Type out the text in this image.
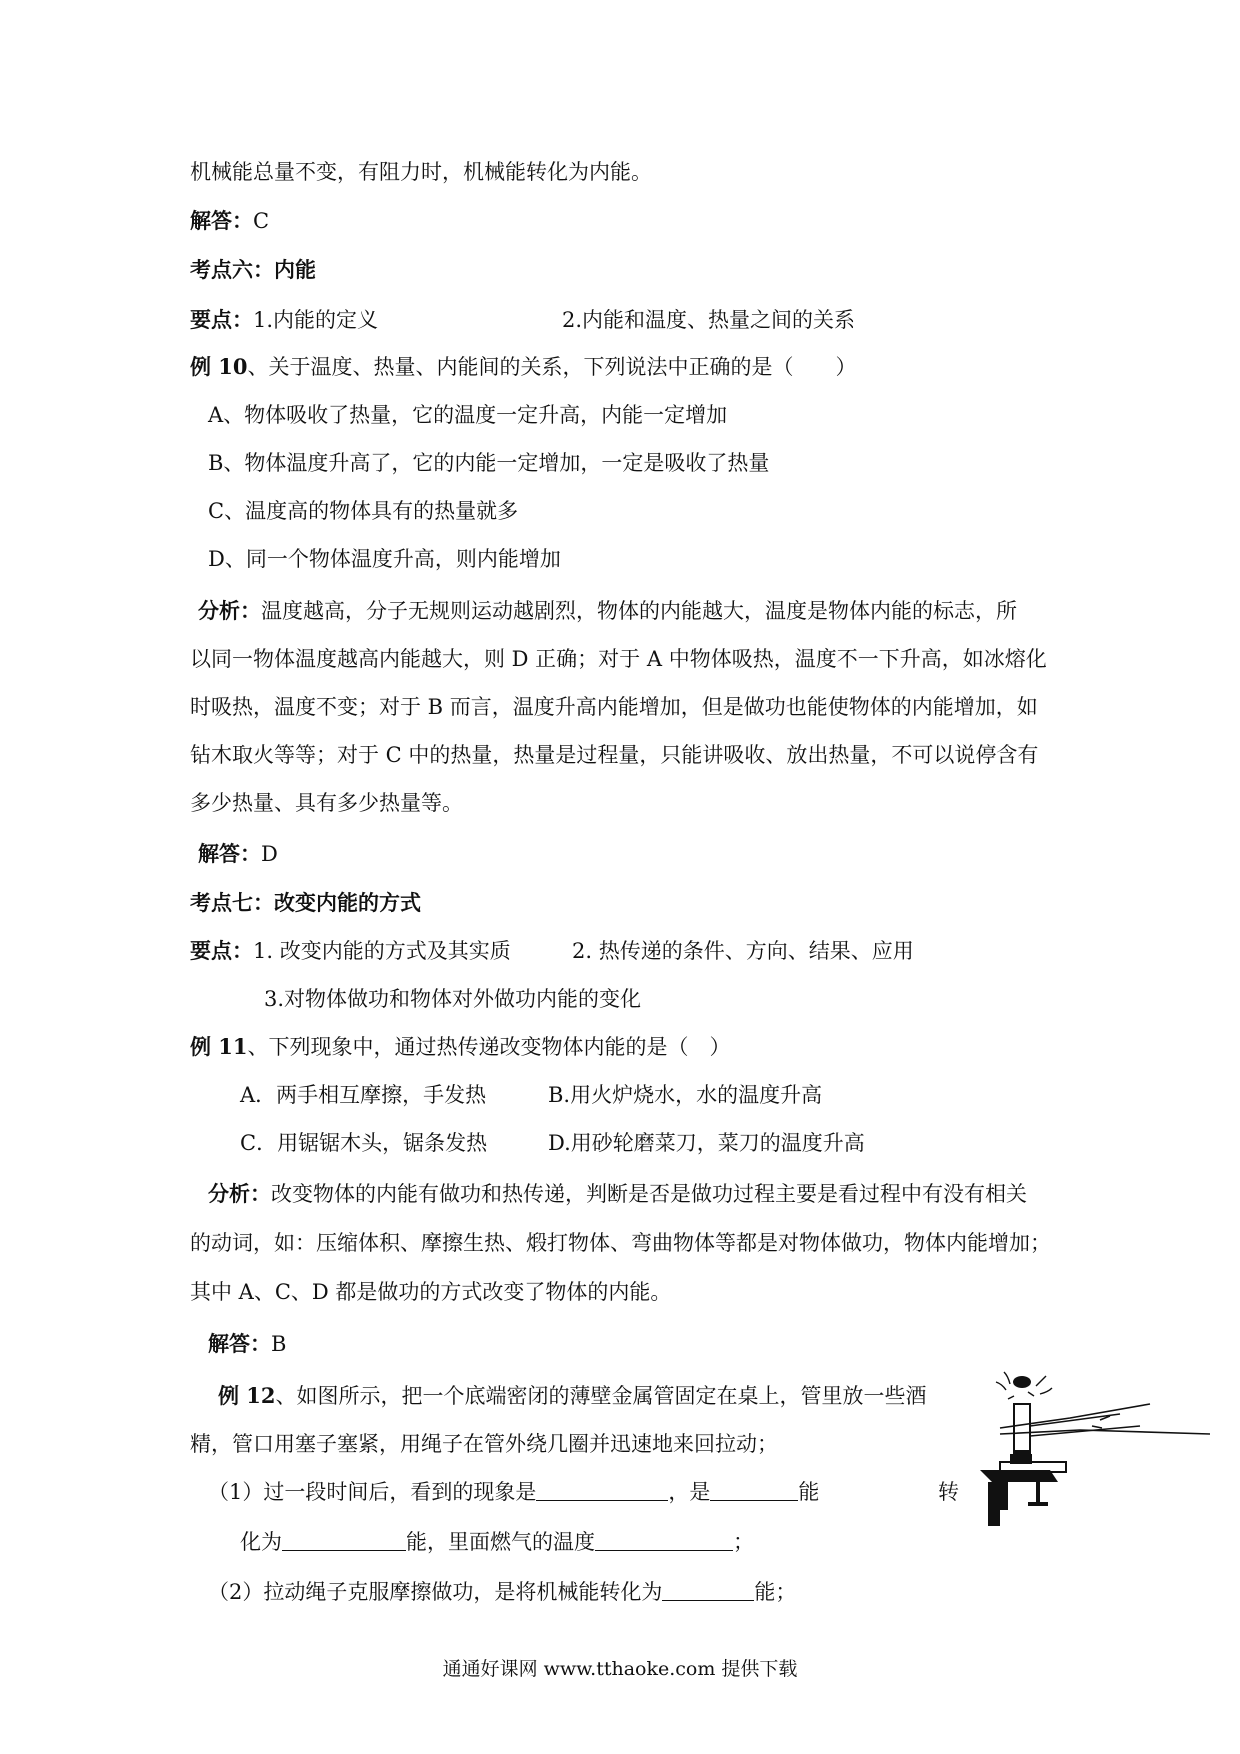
机械能总量不变，有阻力时，机械能转化为内能。
解答：C
考点六：内能
要点：1.内能的定义	2.内能和温度、热量之间的关系
例 10、关于温度、热量、内能间的关系，下列说法中正确的是（　　）
A、物体吸收了热量，它的温度一定升高，内能一定增加
B、物体温度升高了，它的内能一定增加，一定是吸收了热量
C、温度高的物体具有的热量就多
D、同一个物体温度升高，则内能增加
分析：温度越高，分子无规则运动越剧烈，物体的内能越大，温度是物体内能的标志，所
以同一物体温度越高内能越大，则 D 正确；对于 A 中物体吸热，温度不一下升高，如冰熔化
时吸热，温度不变；对于 B 而言，温度升高内能增加，但是做功也能使物体的内能增加，如
钻木取火等等；对于 C 中的热量，热量是过程量，只能讲吸收、放出热量，不可以说停含有
多少热量、具有多少热量等。
解答：D
考点七：改变内能的方式
要点：1. 改变内能的方式及其实质	2. 热传递的条件、方向、结果、应用
3.对物体做功和物体对外做功内能的变化
例 11、下列现象中，通过热传递改变物体内能的是（　）
A．两手相互摩擦，手发热	B.用火炉烧水，水的温度升高
C．用锯锯木头，锯条发热	D.用砂轮磨菜刀，菜刀的温度升高
分析：改变物体的内能有做功和热传递，判断是否是做功过程主要是看过程中有没有相关
的动词，如：压缩体积、摩擦生热、煅打物体、弯曲物体等都是对物体做功，物体内能增加；
其中 A、C、D 都是做功的方式改变了物体的内能。
解答：B
例 12、如图所示，把一个底端密闭的薄壁金属管固定在桌上，管里放一些酒
精，管口用塞子塞紧，用绳子在管外绕几圈并迅速地来回拉动；
（1）过一段时间后，看到的现象是	，是	能	转
化为	能，里面燃气的温度	；
（2）拉动绳子克服摩擦做功，是将机械能转化为	能；
通通好课网 www.tthaoke.com 提供下载
